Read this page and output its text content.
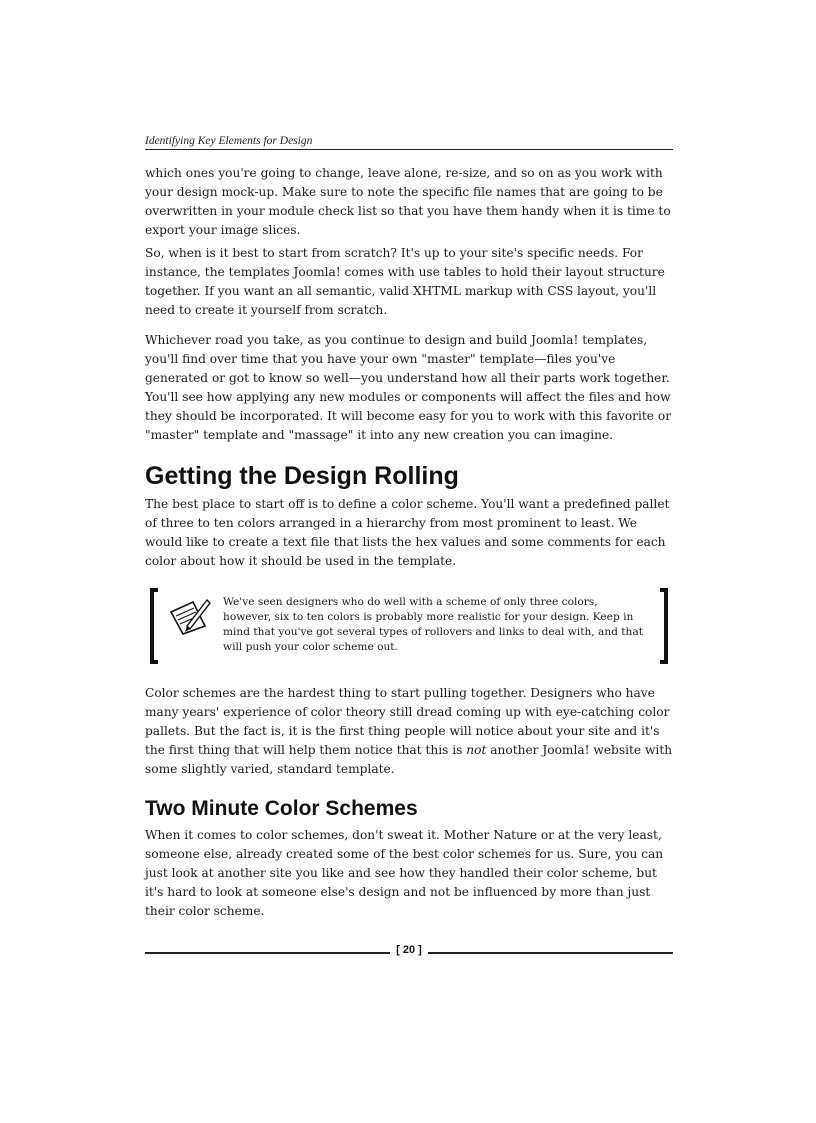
Identifying Key Elements for Design

which ones you're going to change, leave alone, re-size, and so on as you work with your design mock-up. Make sure to note the specific file names that are going to be overwritten in your module check list so that you have them handy when it is time to export your image slices.

So, when is it best to start from scratch? It's up to your site's specific needs. For instance, the templates Joomla! comes with use tables to hold their layout structure together. If you want an all semantic, valid XHTML markup with CSS layout, you'll need to create it yourself from scratch.

Whichever road you take, as you continue to design and build Joomla! templates, you'll find over time that you have your own "master" template—files you've generated or got to know so well—you understand how all their parts work together. You'll see how applying any new modules or components will affect the files and how they should be incorporated. It will become easy for you to work with this favorite or "master" template and "massage" it into any new creation you can imagine.

Getting the Design Rolling

The best place to start off is to define a color scheme. You'll want a predefined pallet of three to ten colors arranged in a hierarchy from most prominent to least. We would like to create a text file that lists the hex values and some comments for each color about how it should be used in the template.

We've seen designers who do well with a scheme of only three colors, however, six to ten colors is probably more realistic for your design. Keep in mind that you've got several types of rollovers and links to deal with, and that will push your color scheme out.

Color schemes are the hardest thing to start pulling together. Designers who have many years' experience of color theory still dread coming up with eye-catching color pallets. But the fact is, it is the first thing people will notice about your site and it's the first thing that will help them notice that this is not another Joomla! website with some slightly varied, standard template.

Two Minute Color Schemes

When it comes to color schemes, don't sweat it. Mother Nature or at the very least, someone else, already created some of the best color schemes for us. Sure, you can just look at another site you like and see how they handled their color scheme, but it's hard to look at someone else's design and not be influenced by more than just their color scheme.

[ 20 ]
